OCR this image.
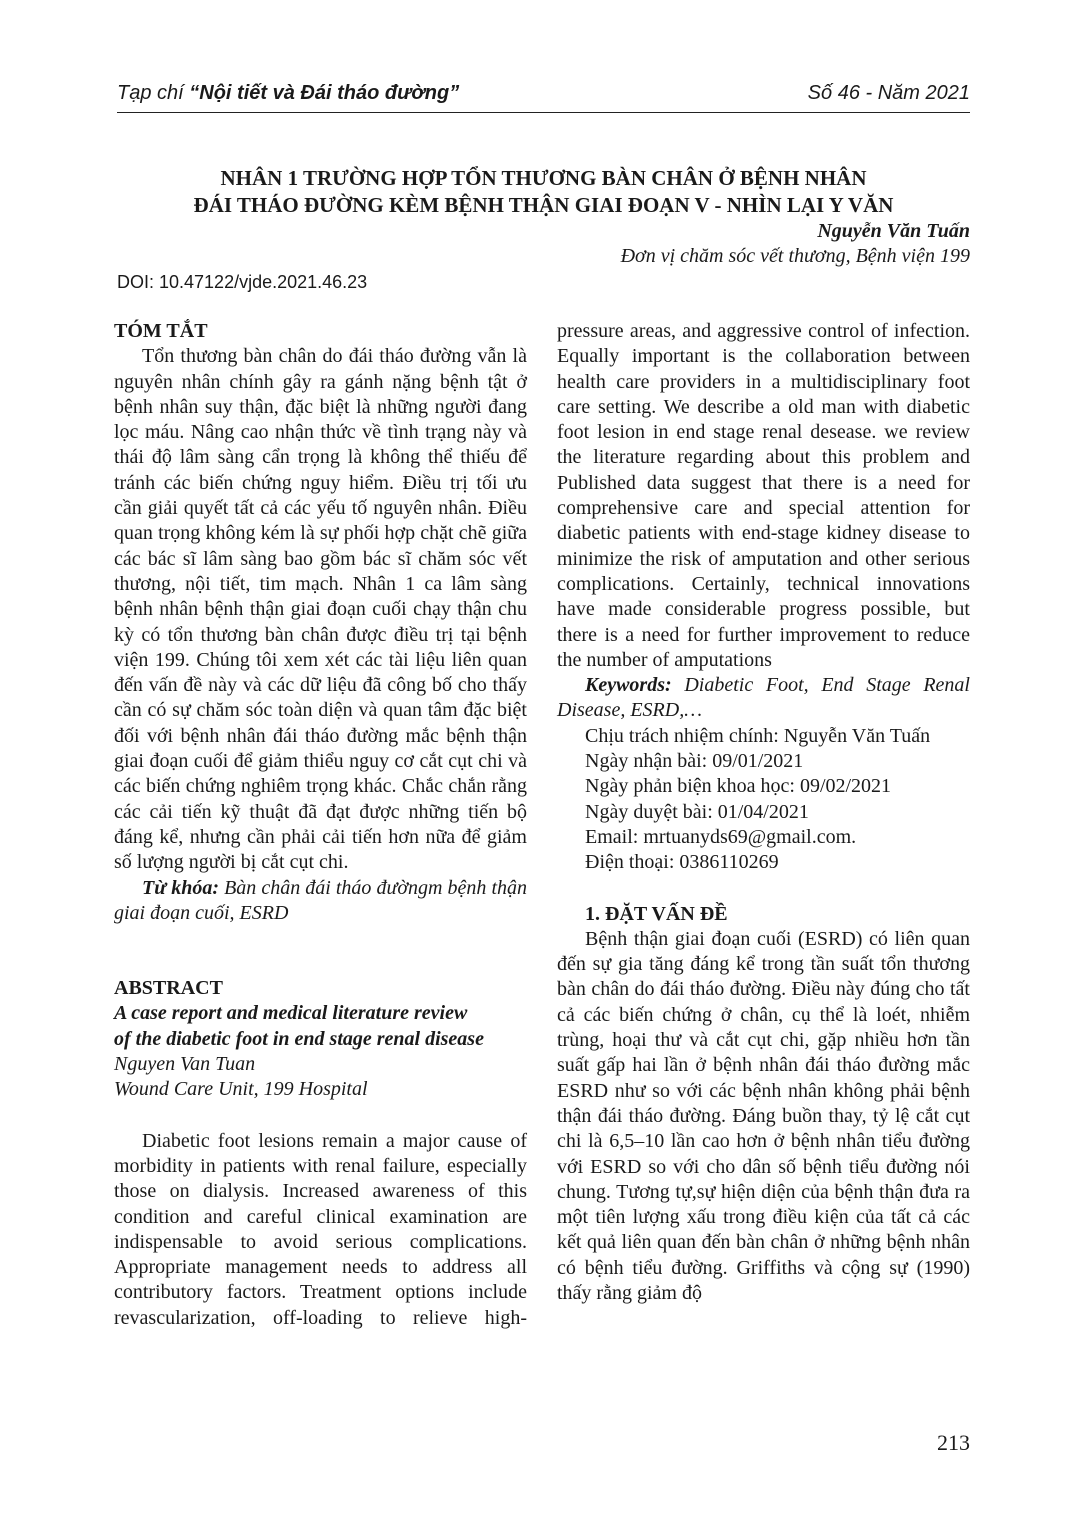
Tạp chí “Nội tiết và Đái tháo đường”	Số 46 - Năm 2021
NHÂN 1 TRƯỜNG HỢP TỔN THƯƠNG BÀN CHÂN Ở BỆNH NHÂN
ĐÁI THÁO ĐƯỜNG KÈM BỆNH THẬN GIAI ĐOẠN V - NHÌN LẠI Y VĂN
Nguyễn Văn Tuấn
Đơn vị chăm sóc vết thương, Bệnh viện 199
DOI: 10.47122/vjde.2021.46.23

TÓM TẮT

Tổn thương bàn chân do đái tháo đường vẫn là nguyên nhân chính gây ra gánh nặng bệnh tật ở bệnh nhân suy thận, đặc biệt là những người đang lọc máu. Nâng cao nhận thức về tình trạng này và thái độ lâm sàng cẩn trọng là không thể thiếu để tránh các biến chứng nguy hiểm. Điều trị tối ưu cần giải quyết tất cả các yếu tố nguyên nhân. Điều quan trọng không kém là sự phối hợp chặt chẽ giữa các bác sĩ lâm sàng bao gồm bác sĩ chăm sóc vết thương, nội tiết, tim mạch. Nhân 1 ca lâm sàng bệnh nhân bệnh thận giai đoạn cuối chạy thận chu kỳ có tổn thương bàn chân được điều trị tại bệnh viện 199. Chúng tôi xem xét các tài liệu liên quan đến vấn đề này và các dữ liệu đã công bố cho thấy cần có sự chăm sóc toàn diện và quan tâm đặc biệt đối với bệnh nhân đái tháo đường mắc bệnh thận giai đoạn cuối để giảm thiểu nguy cơ cắt cụt chi và các biến chứng nghiêm trọng khác. Chắc chắn rằng các cải tiến kỹ thuật đã đạt được những tiến bộ đáng kể, nhưng cần phải cải tiến hơn nữa để giảm số lượng người bị cắt cụt chi.

Từ khóa: Bàn chân đái tháo đườngm bệnh thận giai đoạn cuối, ESRD

ABSTRACT

A case report and medical literature review
of the diabetic foot in end stage renal disease

Nguyen Van Tuan

Wound Care Unit, 199 Hospital

Diabetic foot lesions remain a major cause of morbidity in patients with renal failure, especially those on dialysis. Increased awareness of this condition and careful clinical examination are indispensable to avoid serious complications. Appropriate management needs to address all contributory factors. Treatment options include revascularization, off-loading to relieve high-

pressure areas, and aggressive control of infection. Equally important is the collaboration between health care providers in a multidisciplinary foot care setting. We describe a old man with diabetic foot lesion in end stage renal desease. we review the literature regarding about this problem and Published data suggest that there is a need for comprehensive care and special attention for diabetic patients with end-stage kidney disease to minimize the risk of amputation and other serious complications. Certainly, technical innovations have made considerable progress possible, but there is a need for further improvement to reduce the number of amputations

Keywords: Diabetic Foot, End Stage Renal Disease, ESRD,…

Chịu trách nhiệm chính: Nguyễn Văn Tuấn
Ngày nhận bài: 09/01/2021
Ngày phản biện khoa học: 09/02/2021
Ngày duyệt bài: 01/04/2021
Email: mrtuanyds69@gmail.com.
Điện thoại: 0386110269

1. ĐẶT VẤN ĐỀ

Bệnh thận giai đoạn cuối (ESRD) có liên quan đến sự gia tăng đáng kể trong tần suất tổn thương bàn chân do đái tháo đường. Điều này đúng cho tất cả các biến chứng ở chân, cụ thể là loét, nhiễm trùng, hoại thư và cắt cụt chi, gặp nhiều hơn tần suất gấp hai lần ở bệnh nhân đái tháo đường mắc ESRD như so với các bệnh nhân không phải bệnh thận đái tháo đường. Đáng buồn thay, tỷ lệ cắt cụt chi là 6,5–10 lần cao hơn ở bệnh nhân tiểu đường với ESRD so với cho dân số bệnh tiểu đường nói chung. Tương tự,sự hiện diện của bệnh thận đưa ra một tiên lượng xấu trong điều kiện của tất cả các kết quả liên quan đến bàn chân ở những bệnh nhân có bệnh tiểu đường. Griffiths và cộng sự (1990) thấy rằng giảm độ

213
